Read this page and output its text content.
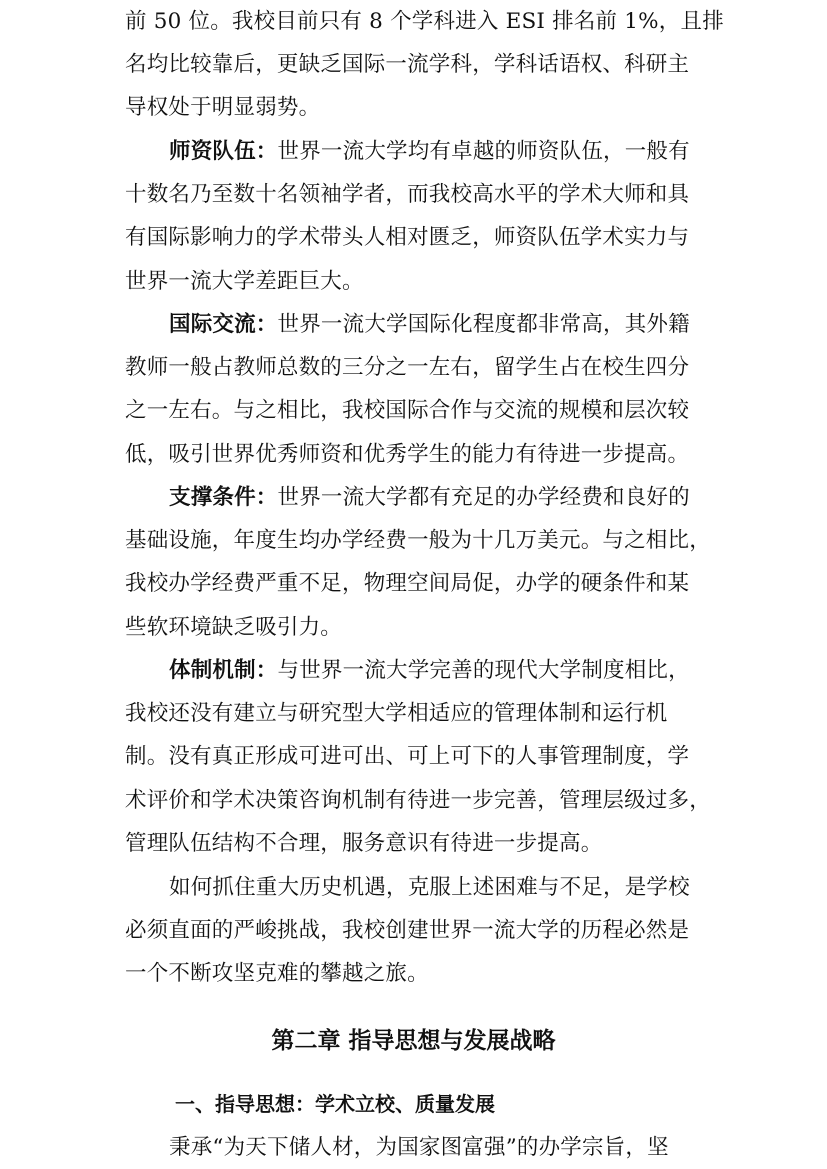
前 50 位。我校目前只有 8 个学科进入 ESI 排名前 1%，且排
名均比较靠后，更缺乏国际一流学科，学科话语权、科研主
导权处于明显弱势。
师资队伍：世界一流大学均有卓越的师资队伍，一般有
十数名乃至数十名领袖学者，而我校高水平的学术大师和具
有国际影响力的学术带头人相对匮乏，师资队伍学术实力与
世界一流大学差距巨大。
国际交流：世界一流大学国际化程度都非常高，其外籍
教师一般占教师总数的三分之一左右，留学生占在校生四分
之一左右。与之相比，我校国际合作与交流的规模和层次较
低，吸引世界优秀师资和优秀学生的能力有待进一步提高。
支撑条件：世界一流大学都有充足的办学经费和良好的
基础设施，年度生均办学经费一般为十几万美元。与之相比，
我校办学经费严重不足，物理空间局促，办学的硬条件和某
些软环境缺乏吸引力。
体制机制：与世界一流大学完善的现代大学制度相比，
我校还没有建立与研究型大学相适应的管理体制和运行机
制。没有真正形成可进可出、可上可下的人事管理制度，学
术评价和学术决策咨询机制有待进一步完善，管理层级过多，
管理队伍结构不合理，服务意识有待进一步提高。
如何抓住重大历史机遇，克服上述困难与不足，是学校
必须直面的严峻挑战，我校创建世界一流大学的历程必然是
一个不断攻坚克难的攀越之旅。
第二章 指导思想与发展战略
一、指导思想：学术立校、质量发展
秉承“为天下储人材，为国家图富强”的办学宗旨，坚
